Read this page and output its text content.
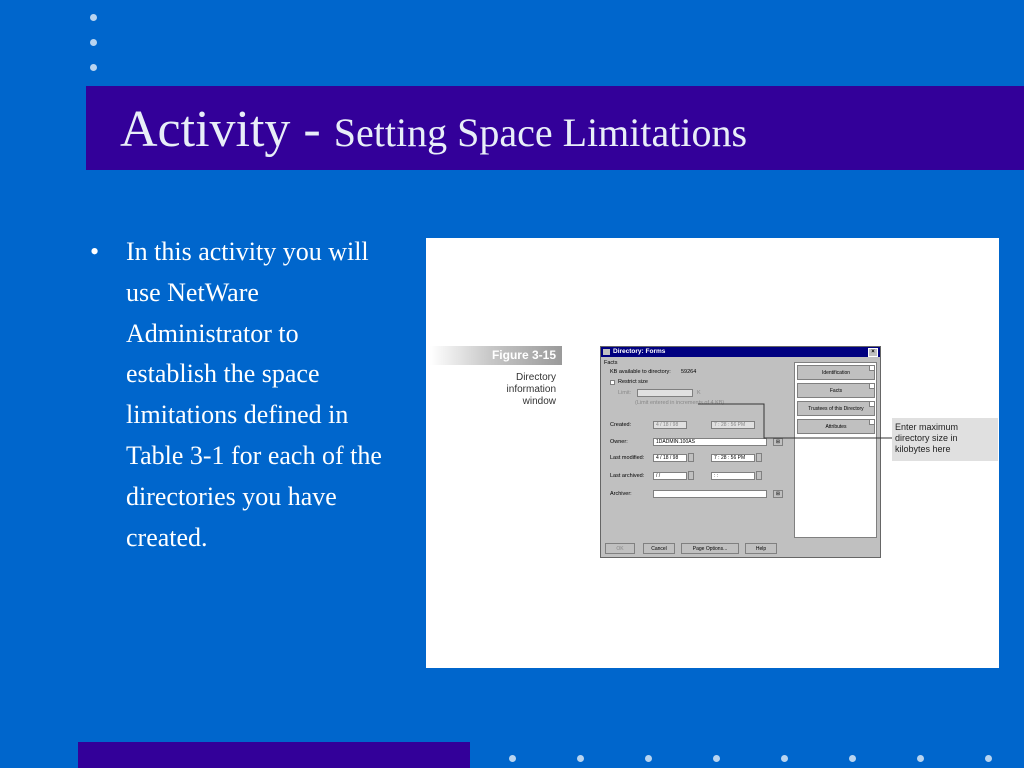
Activity - Setting Space Limitations
• In this activity you will use NetWare Administrator to establish the space limitations defined in Table 3-1 for each of the directories you have created.
Figure 3-15
Directory
information
window
Directory: Forms	×
Facts
KB available to directory: 59264
Restrict size
Limit:	K
(Limit entered in increments of 4 KB)
Created:	4 / 18 / 98	7 : 28 : 56 PM
Owner:	1DADMIN.100AS	⊞
Last modified:	4 / 18 / 98	7 : 28 : 56 PM
Last archived:	/ /	: :
Archiver:	⊞
Identification
Facts
Trustees of this Directory
Attributes
OK	Cancel	Page Options...	Help
Enter maximum
directory size in
kilobytes here
